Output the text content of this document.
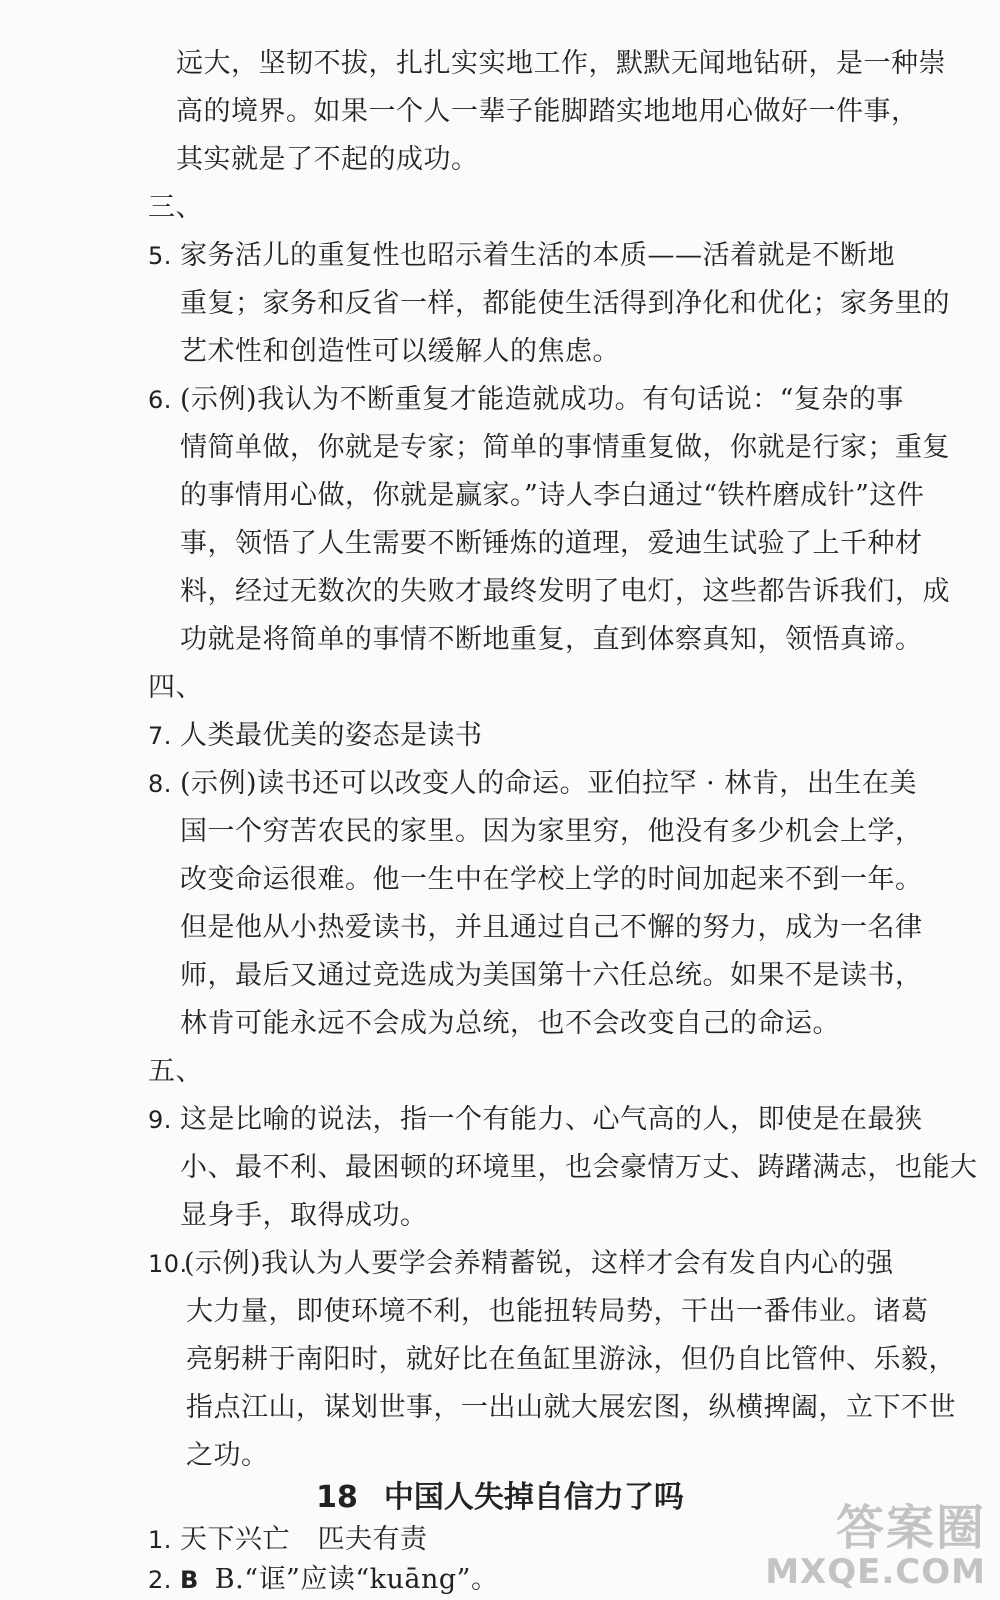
远大，坚韧不拔，扎扎实实地工作，默默无闻地钻研，是一种崇
高的境界。如果一个人一辈子能脚踏实地地用心做好一件事，
其实就是了不起的成功。
三、
5. 家务活儿的重复性也昭示着生活的本质——活着就是不断地
重复；家务和反省一样，都能使生活得到净化和优化；家务里的
艺术性和创造性可以缓解人的焦虑。
6. (示例)我认为不断重复才能造就成功。有句话说：“复杂的事
情简单做，你就是专家；简单的事情重复做，你就是行家；重复
的事情用心做，你就是赢家。”诗人李白通过“铁杵磨成针”这件
事，领悟了人生需要不断锤炼的道理，爱迪生试验了上千种材
料，经过无数次的失败才最终发明了电灯，这些都告诉我们，成
功就是将简单的事情不断地重复，直到体察真知，领悟真谛。
四、
7. 人类最优美的姿态是读书
8. (示例)读书还可以改变人的命运。亚伯拉罕 · 林肯，出生在美
国一个穷苦农民的家里。因为家里穷，他没有多少机会上学，
改变命运很难。他一生中在学校上学的时间加起来不到一年。
但是他从小热爱读书，并且通过自己不懈的努力，成为一名律
师，最后又通过竞选成为美国第十六任总统。如果不是读书，
林肯可能永远不会成为总统，也不会改变自己的命运。
五、
9. 这是比喻的说法，指一个有能力、心气高的人，即使是在最狭
小、最不利、最困顿的环境里，也会豪情万丈、踌躇满志，也能大
显身手，取得成功。
10.(示例)我认为人要学会养精蓄锐，这样才会有发自内心的强
大力量，即使环境不利，也能扭转局势，干出一番伟业。诸葛
亮躬耕于南阳时，就好比在鱼缸里游泳，但仍自比管仲、乐毅，
指点江山，谋划世事，一出山就大展宏图，纵横捭阖，立下不世
之功。
18 中国人失掉自信力了吗
1. 天下兴亡　匹夫有责
2. B B.“诓”应读“kuāng”。
答案圈
MXQE.COM
